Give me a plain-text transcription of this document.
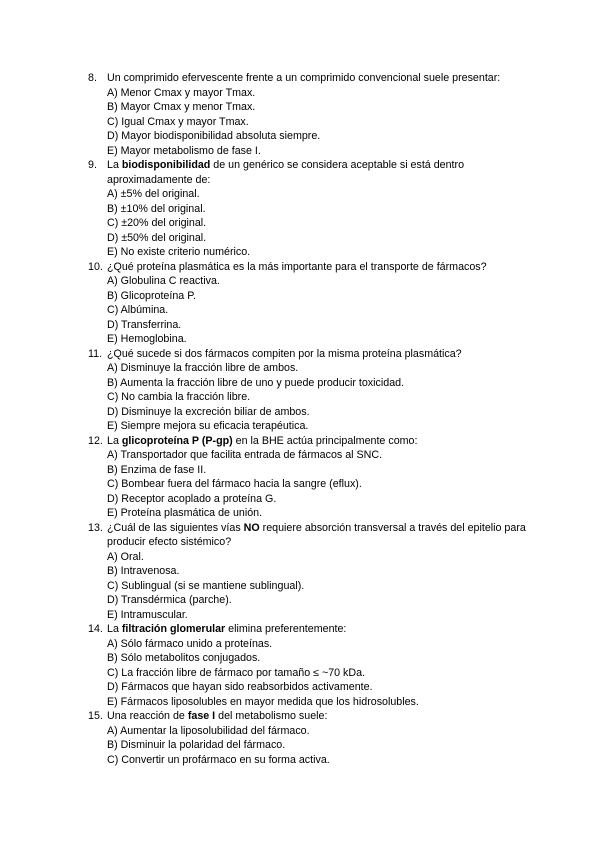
8. Un comprimido efervescente frente a un comprimido convencional suele presentar:
A) Menor Cmax y mayor Tmax.
B) Mayor Cmax y menor Tmax.
C) Igual Cmax y mayor Tmax.
D) Mayor biodisponibilidad absoluta siempre.
E) Mayor metabolismo de fase I.
9. La biodisponibilidad de un genérico se considera aceptable si está dentro aproximadamente de:
A) ±5% del original.
B) ±10% del original.
C) ±20% del original.
D) ±50% del original.
E) No existe criterio numérico.
10. ¿Qué proteína plasmática es la más importante para el transporte de fármacos?
A) Globulina C reactiva.
B) Glicoproteína P.
C) Albúmina.
D) Transferrina.
E) Hemoglobina.
11. ¿Qué sucede si dos fármacos compiten por la misma proteína plasmática?
A) Disminuye la fracción libre de ambos.
B) Aumenta la fracción libre de uno y puede producir toxicidad.
C) No cambia la fracción libre.
D) Disminuye la excreción biliar de ambos.
E) Siempre mejora su eficacia terapéutica.
12. La glicoproteína P (P-gp) en la BHE actúa principalmente como:
A) Transportador que facilita entrada de fármacos al SNC.
B) Enzima de fase II.
C) Bombear fuera del fármaco hacia la sangre (eflux).
D) Receptor acoplado a proteína G.
E) Proteína plasmática de unión.
13. ¿Cuál de las siguientes vías NO requiere absorción transversal a través del epitelio para producir efecto sistémico?
A) Oral.
B) Intravenosa.
C) Sublingual (si se mantiene sublingual).
D) Transdérmica (parche).
E) Intramuscular.
14. La filtración glomerular elimina preferentemente:
A) Sólo fármaco unido a proteínas.
B) Sólo metabolitos conjugados.
C) La fracción libre de fármaco por tamaño ≤ ~70 kDa.
D) Fármacos que hayan sido reabsorbidos activamente.
E) Fármacos liposolubles en mayor medida que los hidrosolubles.
15. Una reacción de fase I del metabolismo suele:
A) Aumentar la liposolubilidad del fármaco.
B) Disminuir la polaridad del fármaco.
C) Convertir un profármaco en su forma activa.
